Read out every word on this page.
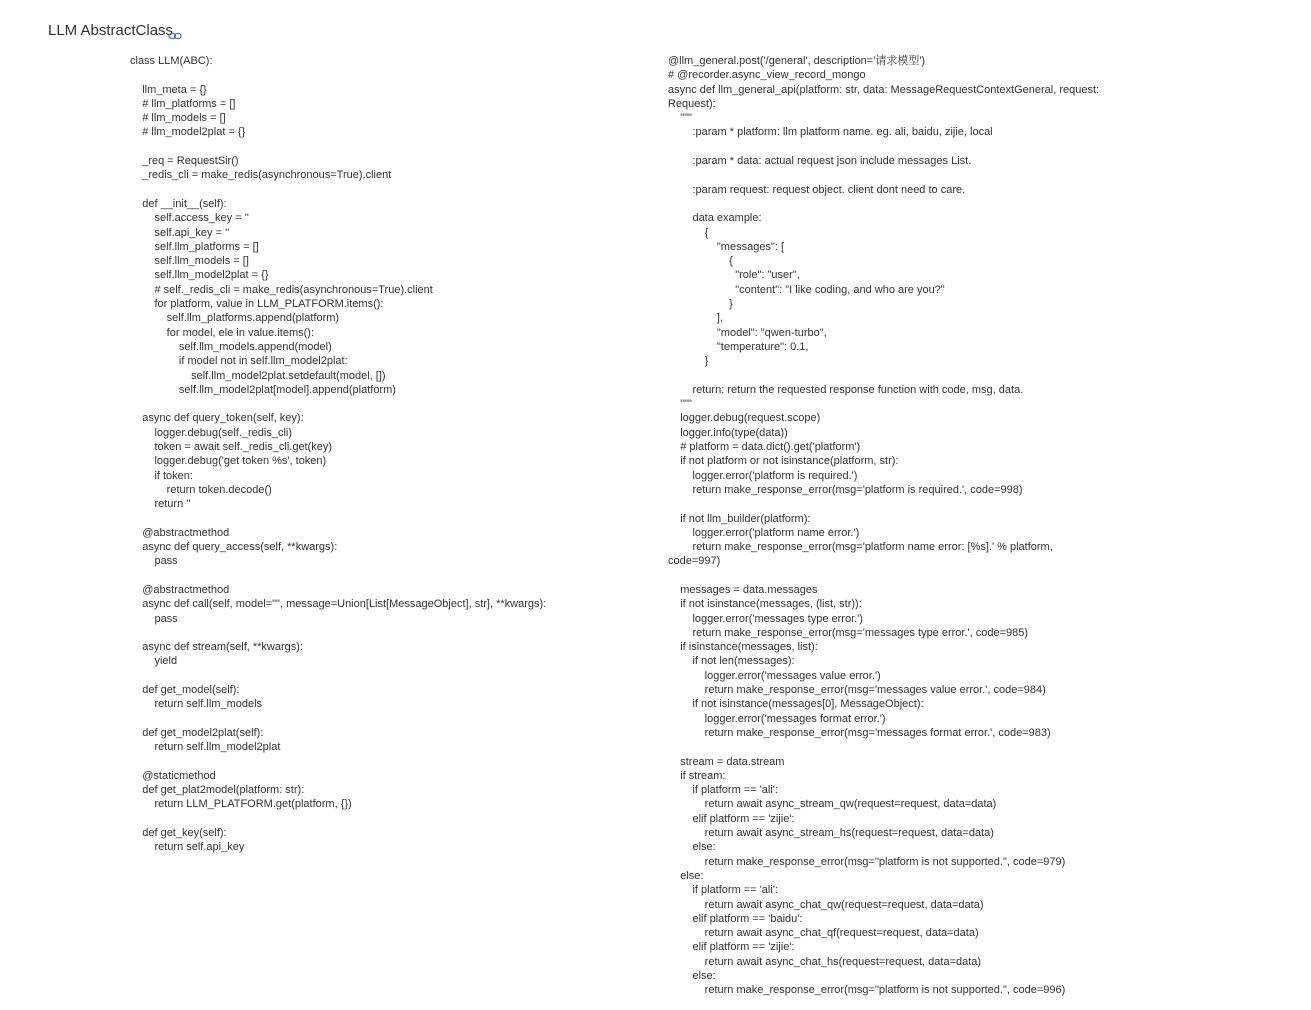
LLM AbstractClass
class LLM(ABC):

llm_meta = {}
# llm_platforms = []
# llm_models = []
# llm_model2plat = {}

_req = RequestSir()
_redis_cli = make_redis(asynchronous=True).client

def __init__(self):
self.access_key = ''
self.api_key = ''
self.llm_platforms = []
self.llm_models = []
self.llm_model2plat = {}
# self._redis_cli = make_redis(asynchronous=True).client
for platform, value in LLM_PLATFORM.items():
self.llm_platforms.append(platform)
for model, ele in value.items():
self.llm_models.append(model)
if model not in self.llm_model2plat:
self.llm_model2plat.setdefault(model, [])
self.llm_model2plat[model].append(platform)

async def query_token(self, key):
logger.debug(self._redis_cli)
token = await self._redis_cli.get(key)
logger.debug('get token %s', token)
if token:
return token.decode()
return ''

@abstractmethod
async def query_access(self, **kwargs):
pass

@abstractmethod
async def call(self, model="", message=Union[List[MessageObject], str], **kwargs):
pass

async def stream(self, **kwargs):
yield

def get_model(self):
return self.llm_models

def get_model2plat(self):
return self.llm_model2plat

@staticmethod
def get_plat2model(platform: str):
return LLM_PLATFORM.get(platform, {})

def get_key(self):
return self.api_key
@llm_general.post('/general', description='请求模型')
# @recorder.async_view_record_mongo
async def llm_general_api(platform: str, data: MessageRequestContextGeneral, request:
Request):
"""
:param * platform: llm platform name. eg. ali, baidu, zijie, local

:param * data: actual request json include messages List.

:param request: request object. client dont need to care.

data example:
{
"messages": [
{
"role": "user",
"content": "I like coding, and who are you?"
}
],
"model": "qwen-turbo",
"temperature": 0.1,
}

return: return the requested response function with code, msg, data.
"""
logger.debug(request.scope)
logger.info(type(data))
# platform = data.dict().get('platform')
if not platform or not isinstance(platform, str):
logger.error('platform is required.')
return make_response_error(msg='platform is required.', code=998)

if not llm_builder(platform):
logger.error('platform name error.')
return make_response_error(msg='platform name error: [%s].' % platform,
code=997)

messages = data.messages
if not isinstance(messages, (list, str)):
logger.error('messages type error.')
return make_response_error(msg='messages type error.', code=985)
if isinstance(messages, list):
if not len(messages):
logger.error('messages value error.')
return make_response_error(msg='messages value error.', code=984)
if not isinstance(messages[0], MessageObject):
logger.error('messages format error.')
return make_response_error(msg='messages format error.', code=983)

stream = data.stream
if stream:
if platform == 'ali':
return await async_stream_qw(request=request, data=data)
elif platform == 'zijie':
return await async_stream_hs(request=request, data=data)
else:
return make_response_error(msg="platform is not supported.", code=979)
else:
if platform == 'ali':
return await async_chat_qw(request=request, data=data)
elif platform == 'baidu':
return await async_chat_qf(request=request, data=data)
elif platform == 'zijie':
return await async_chat_hs(request=request, data=data)
else:
return make_response_error(msg="platform is not supported.", code=996)
